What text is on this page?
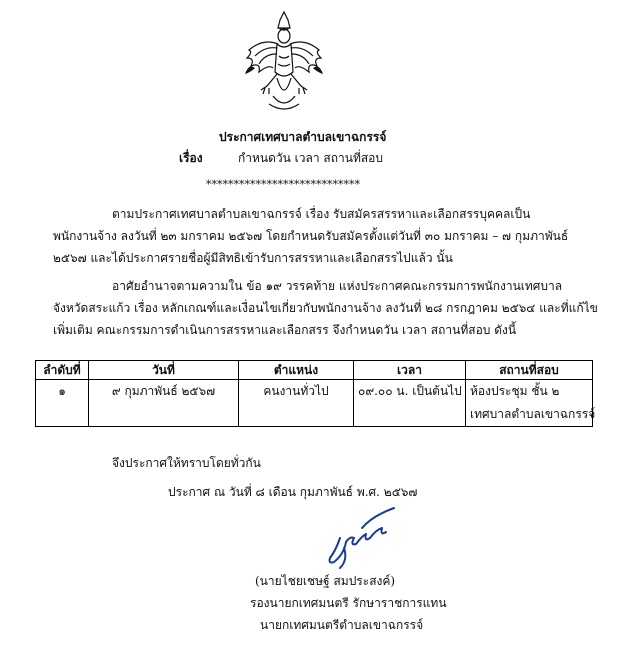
ประกาศเทศบาลตำบลเขาฉกรรจ์
เรื่อง	กำหนดวัน เวลา สถานที่สอบ
****************************
ตามประกาศเทศบาลตำบลเขาฉกรรจ์ เรื่อง รับสมัครสรรหาและเลือกสรรบุคคลเป็น
พนักงานจ้าง ลงวันที่ ๒๓ มกราคม ๒๕๖๗ โดยกำหนดรับสมัครตั้งแต่วันที่ ๓๐ มกราคม – ๗ กุมภาพันธ์
๒๕๖๗ และได้ประกาศรายชื่อผู้มีสิทธิเข้ารับการสรรหาและเลือกสรรไปแล้ว นั้น
อาศัยอำนาจตามความใน ข้อ ๑๙ วรรคท้าย แห่งประกาศคณะกรรมการพนักงานเทศบาล
จังหวัดสระแก้ว เรื่อง หลักเกณฑ์และเงื่อนไขเกี่ยวกับพนักงานจ้าง ลงวันที่ ๒๘ กรกฎาคม ๒๕๖๔ และที่แก้ไข
เพิ่มเติม คณะกรรมการดำเนินการสรรหาและเลือกสรร จึงกำหนดวัน เวลา สถานที่สอบ ดังนี้
ลำดับที่	วันที่	ตำแหน่ง	เวลา	สถานที่สอบ
๑	๙ กุมภาพันธ์ ๒๕๖๗	คนงานทั่วไป	๐๙.๐๐ น. เป็นต้นไป	ห้องประชุม ชั้น ๒
เทศบาลตำบลเขาฉกรรจ์
จึงประกาศให้ทราบโดยทั่วกัน
ประกาศ ณ วันที่ ๘ เดือน กุมภาพันธ์ พ.ศ. ๒๕๖๗
(นายไชยเชษฐ์ สมประสงค์)
รองนายกเทศมนตรี รักษาราชการแทน
นายกเทศมนตรีตำบลเขาฉกรรจ์
